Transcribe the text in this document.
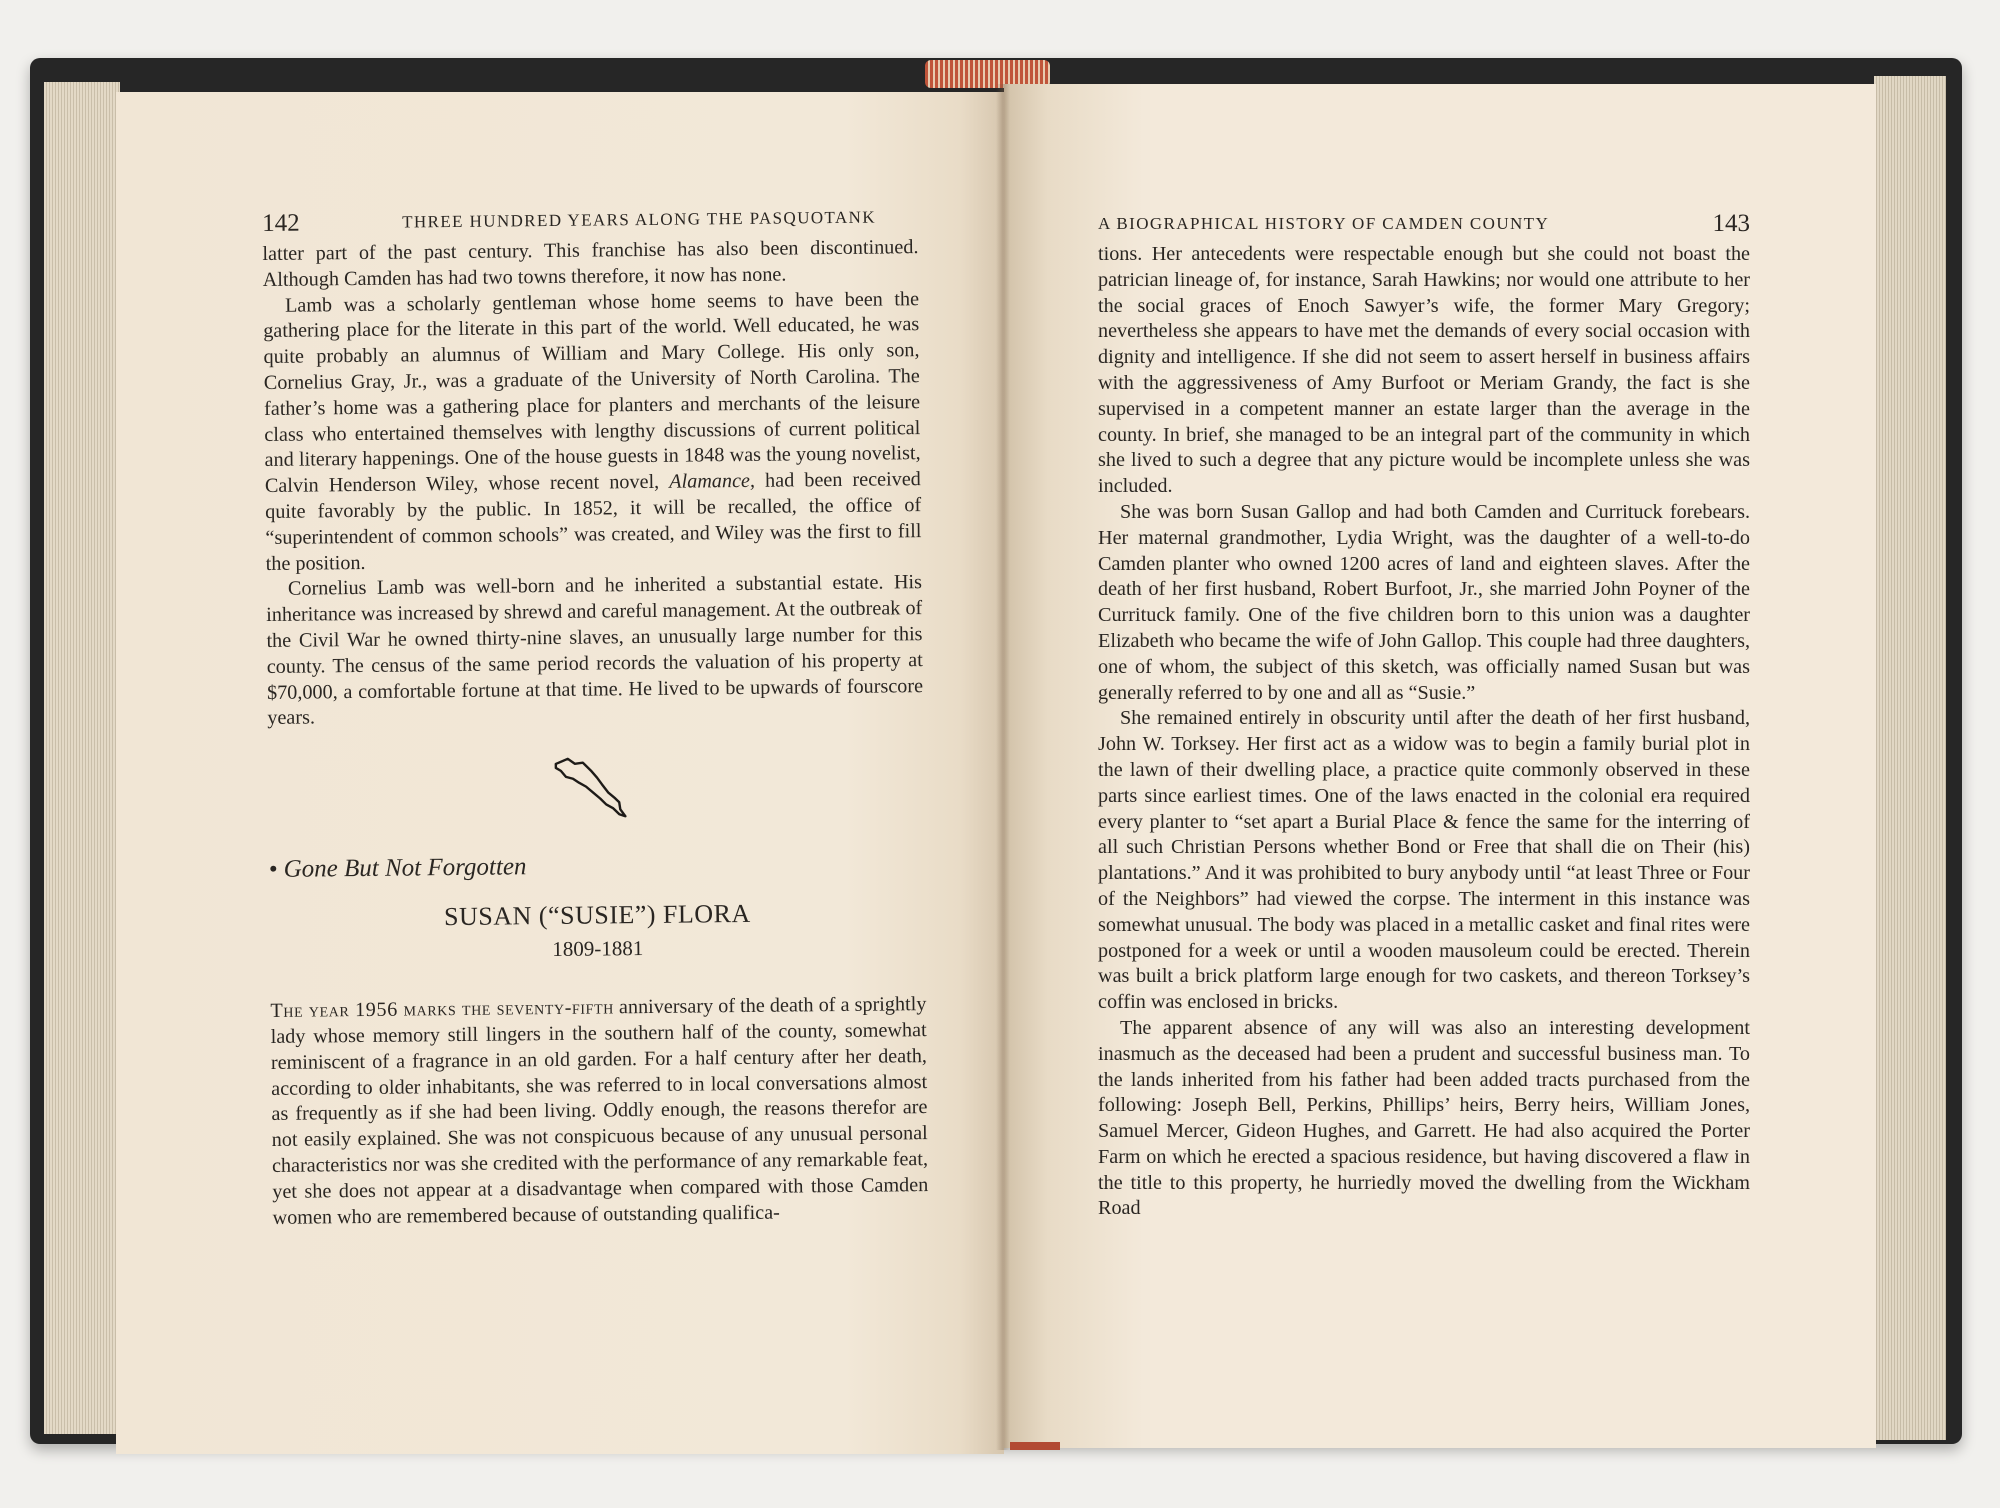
142	THREE HUNDRED YEARS ALONG THE PASQUOTANK

latter part of the past century. This franchise has also been discontinued. Although Camden has had two towns therefore, it now has none.

Lamb was a scholarly gentleman whose home seems to have been the gathering place for the literate in this part of the world. Well educated, he was quite probably an alumnus of William and Mary College. His only son, Cornelius Gray, Jr., was a graduate of the University of North Carolina. The father’s home was a gathering place for planters and merchants of the leisure class who entertained themselves with lengthy discussions of current political and literary happenings. One of the house guests in 1848 was the young novelist, Calvin Henderson Wiley, whose recent novel, Alamance, had been received quite favorably by the public. In 1852, it will be recalled, the office of “superintendent of common schools” was created, and Wiley was the first to fill the position.

Cornelius Lamb was well-born and he inherited a substantial estate. His inheritance was increased by shrewd and careful management. At the outbreak of the Civil War he owned thirty-nine slaves, an unusually large number for this county. The census of the same period records the valuation of his property at $70,000, a comfortable fortune at that time. He lived to be upwards of fourscore years.

• Gone But Not Forgotten
SUSAN (“SUSIE”) FLORA
1809-1881

The year 1956 marks the seventy-fifth anniversary of the death of a sprightly lady whose memory still lingers in the southern half of the county, somewhat reminiscent of a fragrance in an old garden. For a half century after her death, according to older inhabitants, she was referred to in local conversations almost as frequently as if she had been living. Oddly enough, the reasons therefor are not easily explained. She was not conspicuous because of any unusual personal characteristics nor was she credited with the performance of any remarkable feat, yet she does not appear at a disadvantage when compared with those Camden women who are remembered because of outstanding qualifica-

A BIOGRAPHICAL HISTORY OF CAMDEN COUNTY	143

tions. Her antecedents were respectable enough but she could not boast the patrician lineage of, for instance, Sarah Hawkins; nor would one attribute to her the social graces of Enoch Sawyer’s wife, the former Mary Gregory; nevertheless she appears to have met the demands of every social occasion with dignity and intelligence. If she did not seem to assert herself in business affairs with the aggressiveness of Amy Burfoot or Meriam Grandy, the fact is she supervised in a competent manner an estate larger than the average in the county. In brief, she managed to be an integral part of the community in which she lived to such a degree that any picture would be incomplete unless she was included.

She was born Susan Gallop and had both Camden and Currituck forebears. Her maternal grandmother, Lydia Wright, was the daughter of a well-to-do Camden planter who owned 1200 acres of land and eighteen slaves. After the death of her first husband, Robert Burfoot, Jr., she married John Poyner of the Currituck family. One of the five children born to this union was a daughter Elizabeth who became the wife of John Gallop. This couple had three daughters, one of whom, the subject of this sketch, was officially named Susan but was generally referred to by one and all as “Susie.”

She remained entirely in obscurity until after the death of her first husband, John W. Torksey. Her first act as a widow was to begin a family burial plot in the lawn of their dwelling place, a practice quite commonly observed in these parts since earliest times. One of the laws enacted in the colonial era required every planter to “set apart a Burial Place & fence the same for the interring of all such Christian Persons whether Bond or Free that shall die on Their (his) plantations.” And it was prohibited to bury anybody until “at least Three or Four of the Neighbors” had viewed the corpse. The interment in this instance was somewhat unusual. The body was placed in a metallic casket and final rites were postponed for a week or until a wooden mausoleum could be erected. Therein was built a brick platform large enough for two caskets, and thereon Torksey’s coffin was enclosed in bricks.

The apparent absence of any will was also an interesting development inasmuch as the deceased had been a prudent and successful business man. To the lands inherited from his father had been added tracts purchased from the following: Joseph Bell, Perkins, Phillips’ heirs, Berry heirs, William Jones, Samuel Mercer, Gideon Hughes, and Garrett. He had also acquired the Porter Farm on which he erected a spacious residence, but having discovered a flaw in the title to this property, he hurriedly moved the dwelling from the Wickham Road
